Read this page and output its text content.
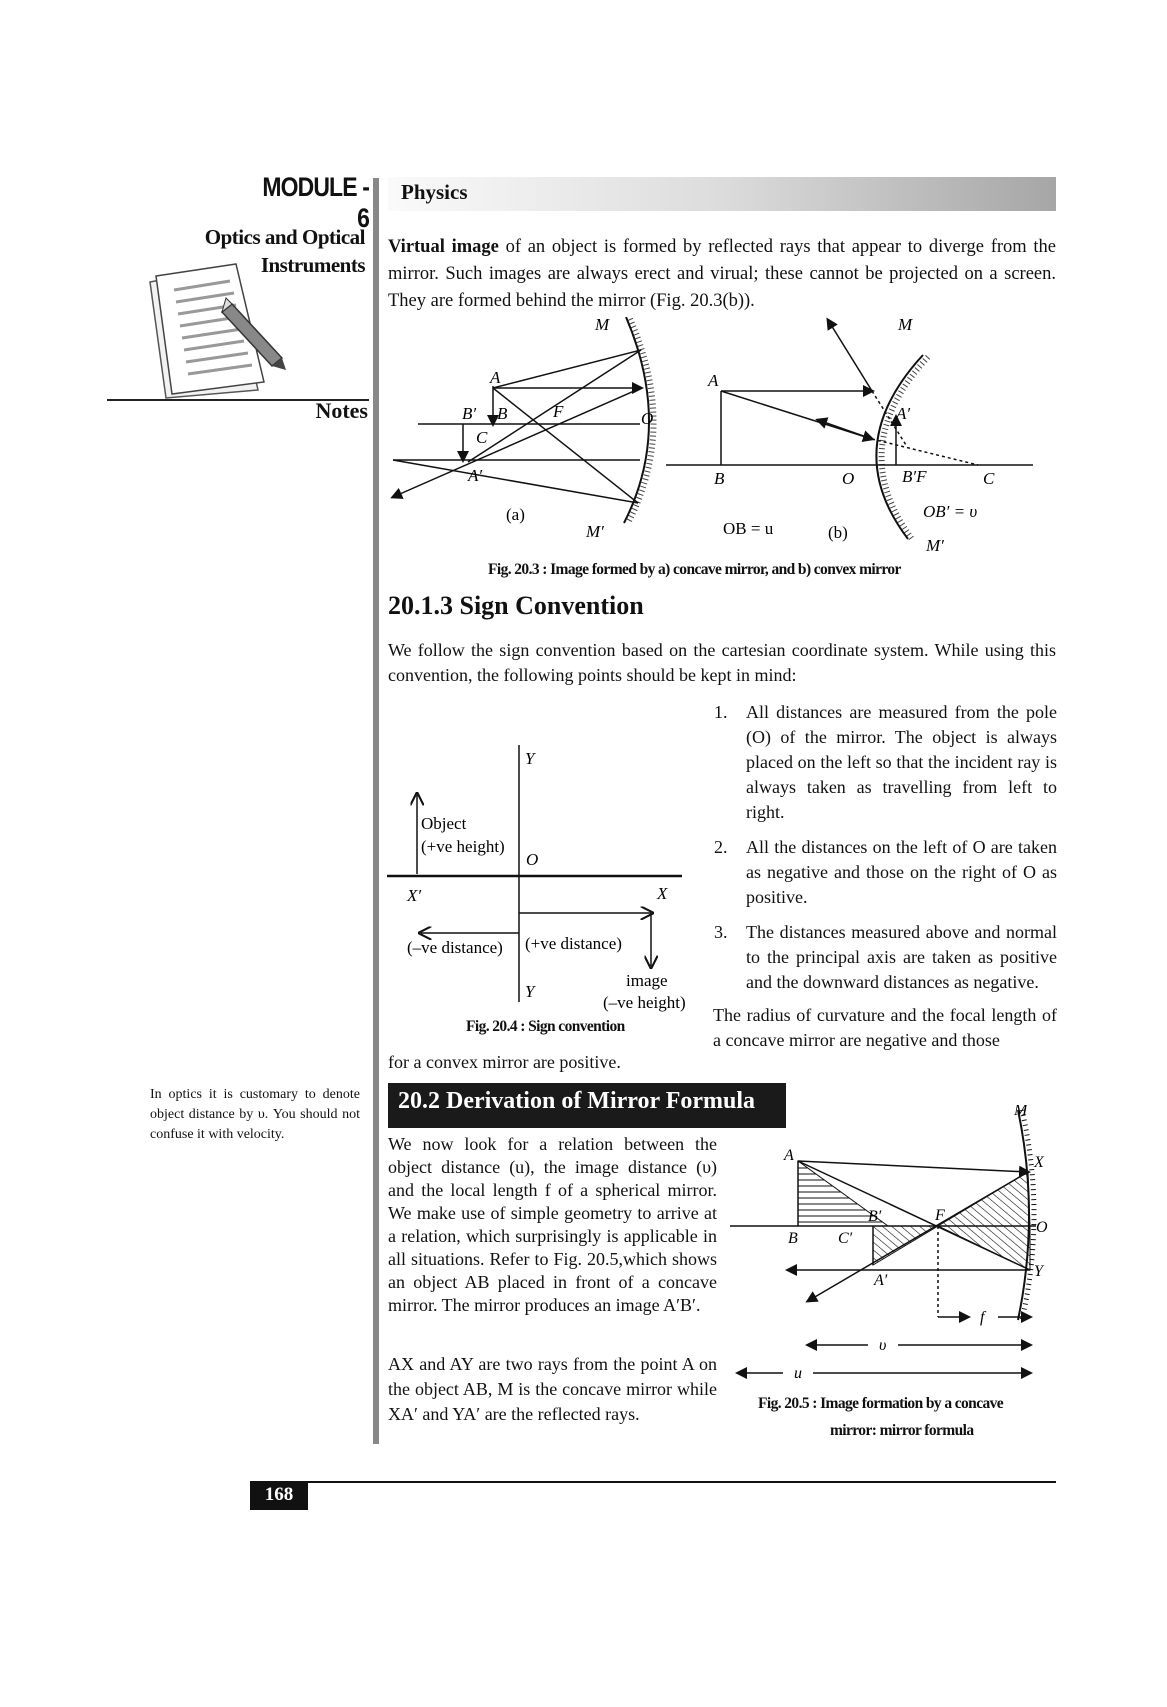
MODULE - 6
Optics and Optical
Instruments
Notes
Physics
Virtual image of an object is formed by reflected rays that appear to diverge from the mirror. Such images are always erect and virual; these cannot be projected on a screen. They are formed behind the mirror (Fig. 20.3(b)).
M
A
B′ B	F
C
O
A′
(a)
M′
M
A
A′
B	O	B′F	C
OB′ = υ
OB = u	(b)
M′
Fig. 20.3 : Image formed by a) concave mirror, and b) convex mirror
20.1.3 Sign Convention
We follow the sign convention based on the cartesian coordinate system. While using this convention, the following points should be kept in mind:
1. All distances are measured from the pole (O) of the mirror. The object is always placed on the left so that the incident ray is always taken as travelling from left to right.
2. All the distances on the left of O are taken as negative and those on the right of O as positive.
3. The distances measured above and normal to the principal axis are taken as positive and the downward distances as negative.
The radius of curvature and the focal length of a concave mirror are negative and those
Y
Object
(+ve height)
O
X′	X
(–ve distance) (+ve distance)
image
Y
(–ve height)
Fig. 20.4 : Sign convention
for a convex mirror are positive.
In optics it is customary to denote object distance by υ. You should not confuse it with velocity.
20.2 Derivation of Mirror Formula
We now look for a relation between the object distance (u), the image distance (υ) and the local length f of a spherical mirror. We make use of simple geometry to arrive at a relation, which surprisingly is applicable in all situations. Refer to Fig. 20.5,which shows an object AB placed in front of a concave mirror. The mirror produces an image A′B′.
AX and AY are two rays from the point A on the object AB, M is the concave mirror while XA′ and YA′ are the reflected rays.
M
A	X
B′	F
O
B	C′
A′
Y
f
υ
u
Fig. 20.5 : Image formation by a concave
mirror: mirror formula
168
